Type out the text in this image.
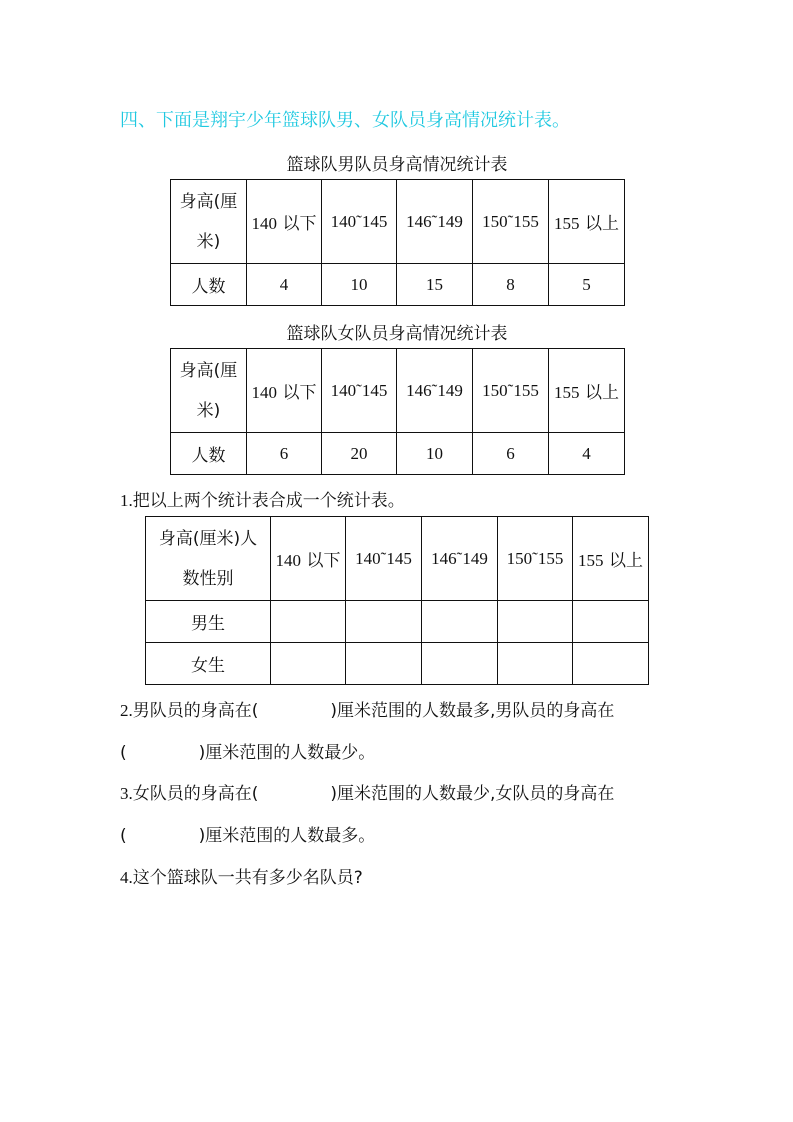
四、下面是翔宇少年篮球队男、女队员身高情况统计表。
篮球队男队员身高情况统计表
身高(厘
米)	140 以下	140˜145	146˜149	150˜155	155 以上
人数	4	10	15	8	5
篮球队女队员身高情况统计表
身高(厘
米)	140 以下	140˜145	146˜149	150˜155	155 以上
人数	6	20	10	6	4
1.把以上两个统计表合成一个统计表。
身高(厘米)人
数性别	140 以下	140˜145	146˜149	150˜155	155 以上
男生					
女生					
2.男队员的身高在(	)厘米范围的人数最多,男队员的身高在
(	)厘米范围的人数最少。
3.女队员的身高在(	)厘米范围的人数最少,女队员的身高在
(	)厘米范围的人数最多。
4.这个篮球队一共有多少名队员?
